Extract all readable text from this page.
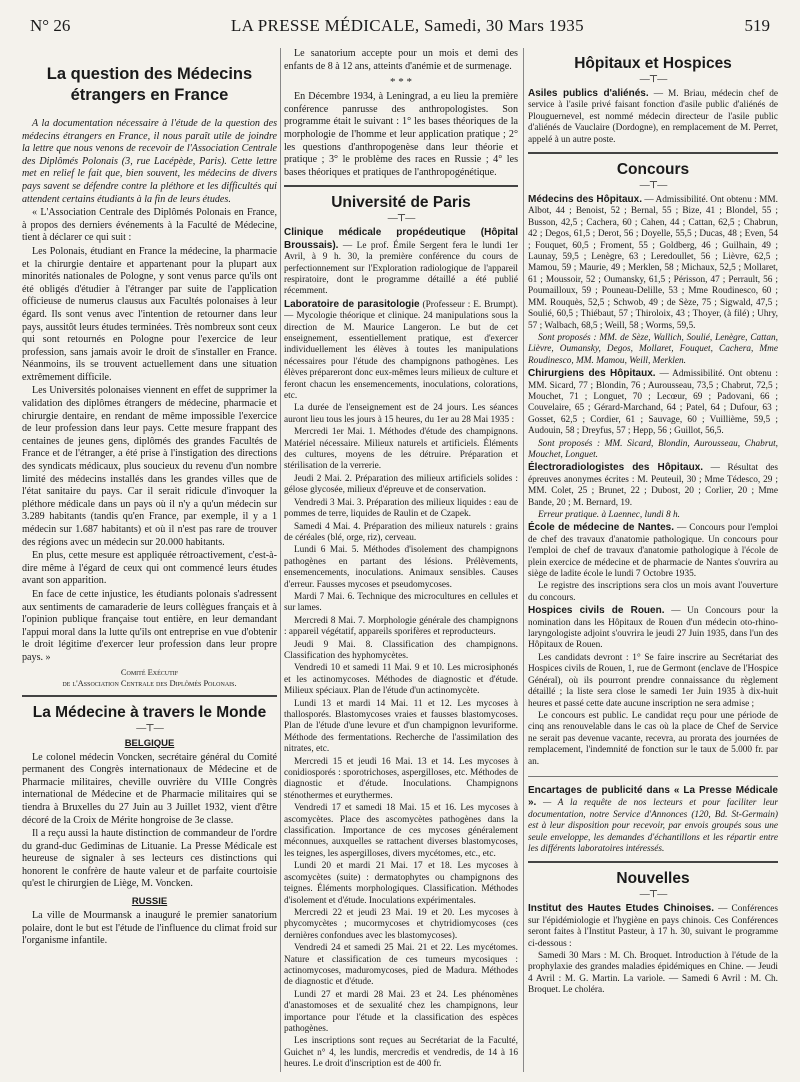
N° 26	LA PRESSE MÉDICALE, Samedi, 30 Mars 1935	519
La question des Médecins étrangers en France

A la documentation nécessaire à l'étude de la question des médecins étrangers en France, il nous paraît utile de joindre la lettre que nous venons de recevoir de l'Association Centrale des Diplômés Polonais (3, rue Lacépède, Paris). Cette lettre met en relief le fait que, bien souvent, les médecins de divers pays savent se défendre contre la pléthore et les difficultés qui attendent certains étudiants à la fin de leurs études.

« L'Association Centrale des Diplômés Polonais en France, à propos des derniers événements à la Faculté de Médecine, tient à déclarer ce qui suit :

Les Polonais, étudiant en France la médecine, la pharmacie et la chirurgie dentaire et appartenant pour la plupart aux minorités nationales de Pologne, y sont venus parce qu'ils ont été obligés d'étudier à l'étranger par suite de l'application officieuse de numerus clausus aux Facultés polonaises à leur égard. Ils sont venus avec l'intention de retourner dans leur pays, aussitôt leurs études terminées. Très nombreux sont ceux qui sont retournés en Pologne pour l'exercice de leur profession, sans jamais avoir le droit de s'installer en France. Néanmoins, ils se trouvent actuellement dans une situation extrêmement difficile.

Les Universités polonaises viennent en effet de supprimer la validation des diplômes étrangers de médecine, pharmacie et chirurgie dentaire, en rendant de même impossible l'exercice de leur profession dans leur pays. Cette mesure frappant des centaines de jeunes gens, diplômés des grandes Facultés de France et de l'étranger, a été prise à l'instigation des directions des syndicats médicaux, plus soucieux du revenu d'un nombre limité des médecins installés dans les grandes villes que de l'état sanitaire du pays. Car il serait ridicule d'invoquer la pléthore médicale dans un pays où il n'y a qu'un médecin sur 3.289 habitants (tandis qu'en France, par exemple, il y a 1 médecin sur 1.687 habitants) et où il n'est pas rare de trouver des régions avec un médecin sur 20.000 habitants.

En plus, cette mesure est appliquée rétroactivement, c'est-à-dire même à l'égard de ceux qui ont commencé leurs études avant son apparition.

En face de cette injustice, les étudiants polonais s'adressent aux sentiments de camaraderie de leurs collègues français et à l'opinion publique française tout entière, en leur demandant l'appui moral dans la lutte qu'ils ont entreprise en vue d'obtenir le droit légitime d'exercer leur profession dans leur propre pays. »

Comité Exécutif
de l'Association Centrale des Diplômés Polonais.
La Médecine à travers le Monde
—⊤—
BELGIQUE

Le colonel médecin Voncken, secrétaire général du Comité permanent des Congrès internationaux de Médecine et de Pharmacie militaires, cheville ouvrière du VIIIe Congrès international de Médecine et de Pharmacie militaires qui se tiendra à Bruxelles du 27 Juin au 3 Juillet 1932, vient d'être décoré de la Croix de Mérite hongroise de 3e classe.

Il a reçu aussi la haute distinction de commandeur de l'ordre du grand-duc Gediminas de Lituanie. La Presse Médicale est heureuse de signaler à ses lecteurs ces distinctions qui honorent le confrère de haute valeur et de parfaite courtoisie qu'est le chirurgien de Liège, M. Voncken.

RUSSIE

La ville de Mourmansk a inauguré le premier sanatorium polaire, dont le but est l'étude de l'influence du climat froid sur l'organisme infantile.

Le sanatorium accepte pour un mois et demi des enfants de 8 à 12 ans, atteints d'anémie et de surmenage.

* * *

En Décembre 1934, à Leningrad, a eu lieu la première conférence panrusse des anthropologistes. Son programme était le suivant : 1° les bases théoriques de la morphologie de l'homme et leur application pratique ; 2° les questions d'anthropogenèse dans leur théorie et pratique ; 3° le problème des races en Russie ; 4° les bases théoriques et pratiques de l'anthropogénétique.

Université de Paris
—⊤—

Clinique médicale propédeutique (Hôpital Broussais). — Le prof. Émile Sergent fera le lundi 1er Avril, à 9 h. 30, la première conférence du cours de perfectionnement sur l'Exploration radiologique de l'appareil respiratoire, dont le programme détaillé a été publié récemment.

Laboratoire de parasitologie (Professeur : E. Brumpt). — Mycologie théorique et clinique. 24 manipulations sous la direction de M. Maurice Langeron. Le but de cet enseignement, essentiellement pratique, est d'exercer individuellement les élèves à toutes les manipulations nécessaires pour l'étude des champignons pathogènes. Les élèves prépareront donc eux-mêmes leurs milieux de culture et feront chacun les ensemencements, inoculations, colorations, etc.

La durée de l'enseignement est de 24 jours. Les séances auront lieu tous les jours à 15 heures, du 1er au 28 Mai 1935 :

Mercredi 1er Mai. 1. Méthodes d'étude des champignons. Matériel nécessaire. Milieux naturels et artificiels. Éléments des cultures, moyens de les détruire. Préparation et stérilisation de la verrerie.

Jeudi 2 Mai. 2. Préparation des milieux artificiels solides : gélose glycosée, milieux d'épreuve et de conservation.

Vendredi 3 Mai. 3. Préparation des milieux liquides : eau de pommes de terre, liquides de Raulin et de Czapek.

Samedi 4 Mai. 4. Préparation des milieux naturels : grains de céréales (blé, orge, riz), cerveau.

Lundi 6 Mai. 5. Méthodes d'isolement des champignons pathogènes en partant des lésions. Prélèvements, ensemencements, inoculations. Animaux sensibles. Causes d'erreur. Fausses mycoses et pseudomycoses.

Mardi 7 Mai. 6. Technique des microcultures en cellules et sur lames.

Mercredi 8 Mai. 7. Morphologie générale des champignons : appareil végétatif, appareils sporifères et reproducteurs.

Jeudi 9 Mai. 8. Classification des champignons. Classification des hyphomycètes.

Vendredi 10 et samedi 11 Mai. 9 et 10. Les microsiphonés et les actinomycoses. Méthodes de diagnostic et d'étude. Milieux spéciaux. Plan de l'étude d'un actinomycète.

Lundi 13 et mardi 14 Mai. 11 et 12. Les mycoses à thallosporés. Blastomycoses vraies et fausses blastomycoses. Plan de l'étude d'une levure et d'un champignon levuriforme. Méthode des fermentations. Recherche de l'assimilation des nitrates, etc.

Mercredi 15 et jeudi 16 Mai. 13 et 14. Les mycoses à conidiosporés : sporotrichoses, aspergilloses, etc. Méthodes de diagnostic et d'étude. Inoculations. Champignons sténothermes et eurythermes.

Vendredi 17 et samedi 18 Mai. 15 et 16. Les mycoses à ascomycètes. Place des ascomycètes pathogènes dans la classification. Importance de ces mycoses généralement méconnues, auxquelles se rattachent diverses blastomycoses, les teignes, les aspergilloses, divers mycétomes, etc., etc.

Lundi 20 et mardi 21 Mai. 17 et 18. Les mycoses à ascomycètes (suite) : dermatophytes ou champignons des teignes. Éléments morphologiques. Classification. Méthodes d'isolement et d'étude. Inoculations expérimentales.

Mercredi 22 et jeudi 23 Mai. 19 et 20. Les mycoses à phycomycètes ; mucormycoses et chytridiomycoses (ces dernières confondues avec les blastomycoses).

Vendredi 24 et samedi 25 Mai. 21 et 22. Les mycétomes. Nature et classification de ces tumeurs mycosiques : actinomycoses, maduromycoses, pied de Madura. Méthodes de diagnostic et d'étude.

Lundi 27 et mardi 28 Mai. 23 et 24. Les phénomènes d'anastomoses et de sexualité chez les champignons, leur importance pour l'étude et la classification des espèces pathogènes.

Les inscriptions sont reçues au Secrétariat de la Faculté, Guichet n° 4, les lundis, mercredis et vendredis, de 14 à 16 heures. Le droit d'inscription est de 400 fr.

Hôpitaux et Hospices
—⊤—

Asiles publics d'aliénés. — M. Briau, médecin chef de service à l'asile privé faisant fonction d'asile public d'aliénés de Plouguernevel, est nommé médecin directeur de l'asile public d'aliénés de Vauclaire (Dordogne), en remplacement de M. Perret, appelé à un autre poste.

Concours
—⊤—

Médecins des Hôpitaux. — Admissibilité. Ont obtenu : MM. Albot, 44 ; Benoist, 52 ; Bernal, 55 ; Bize, 41 ; Blondel, 55 ; Busson, 42,5 ; Cachera, 60 ; Cahen, 44 ; Cattan, 62,5 ; Chabrun, 42 ; Degos, 61,5 ; Derot, 56 ; Doyelle, 55,5 ; Ducas, 48 ; Even, 54 ; Fouquet, 60,5 ; Froment, 55 ; Goldberg, 46 ; Guilhain, 49 ; Launay, 59,5 ; Lenègre, 63 ; Leredoullet, 56 ; Lièvre, 62,5 ; Mamou, 59 ; Maurie, 49 ; Merklen, 58 ; Michaux, 52,5 ; Mollaret, 61 ; Moussoir, 52 ; Oumansky, 61,5 ; Périsson, 47 ; Perrault, 56 ; Poumailloux, 59 ; Pouneau-Delille, 53 ; Mme Roudinesco, 60 ; MM. Rouquès, 52,5 ; Schwob, 49 ; de Sèze, 75 ; Sigwald, 47,5 ; Soulié, 60,5 ; Thiébaut, 57 ; Thiroloix, 43 ; Thoyer, (à filé) ; Uhry, 57 ; Walbach, 68,5 ; Weill, 58 ; Worms, 59,5.

Sont proposés : MM. de Sèze, Wallich, Soulié, Lenègre, Cattan, Lièvre, Oumansky, Degos, Mollaret, Fouquet, Cachera, Mme Roudinesco, MM. Mamou, Weill, Merklen.

Chirurgiens des Hôpitaux. — Admissibilité. Ont obtenu : MM. Sicard, 77 ; Blondin, 76 ; Aurousseau, 73,5 ; Chabrut, 72,5 ; Mouchet, 71 ; Longuet, 70 ; Lecœur, 69 ; Padovani, 66 ; Couvelaire, 65 ; Gérard-Marchand, 64 ; Patel, 64 ; Dufour, 63 ; Gosset, 62,5 ; Cordier, 61 ; Sauvage, 60 ; Vuillième, 59,5 ; Audouin, 58 ; Dreyfus, 57 ; Hepp, 56 ; Guillot, 56,5.

Sont proposés : MM. Sicard, Blondin, Aurousseau, Chabrut, Mouchet, Longuet.

Électroradiologistes des Hôpitaux. — Résultat des épreuves anonymes écrites : M. Peuteuil, 30 ; Mme Tédesco, 29 ; MM. Colet, 25 ; Brunet, 22 ; Dubost, 20 ; Corlier, 20 ; Mme Bande, 20 ; M. Bernard, 19.

Erreur pratique. à Laennec, lundi 8 h.

École de médecine de Nantes. — Concours pour l'emploi de chef des travaux d'anatomie pathologique. Un concours pour l'emploi de chef de travaux d'anatomie pathologique à l'école de plein exercice de médecine et de pharmacie de Nantes s'ouvrira au siège de ladite école le lundi 7 Octobre 1935.

Le registre des inscriptions sera clos un mois avant l'ouverture du concours.

Hospices civils de Rouen. — Un Concours pour la nomination dans les Hôpitaux de Rouen d'un médecin oto-rhino-laryngologiste adjoint s'ouvrira le jeudi 27 Juin 1935, dans l'un des Hôpitaux de Rouen.

Les candidats devront : 1° Se faire inscrire au Secrétariat des Hospices civils de Rouen, 1, rue de Germont (enclave de l'Hospice Général), où ils pourront prendre connaissance du règlement détaillé ; la liste sera close le samedi 1er Juin 1935 à dix-huit heures et passé cette date aucune inscription ne sera admise ;

Le concours est public. Le candidat reçu pour une période de cinq ans renouvelable dans le cas où la place de Chef de Service ne serait pas devenue vacante, recevra, au prorata des journées de remplacement, l'indemnité de fonction sur le taux de 5.000 fr. par an.

Encartages de publicité dans « La Presse Médicale ». — A la requête de nos lecteurs et pour faciliter leur documentation, notre Service d'Annonces (120, Bd. St-Germain) est à leur disposition pour recevoir, par envois groupés sous une seule enveloppe, les demandes d'échantillons et les répartir entre les différents laboratoires intéressés.

Nouvelles
—⊤—

Institut des Hautes Etudes Chinoises. — Conférences sur l'épidémiologie et l'hygiène en pays chinois. Ces Conférences seront faites à l'Institut Pasteur, à 17 h. 30, suivant le programme ci-dessous :

Samedi 30 Mars : M. Ch. Broquet. Introduction à l'étude de la prophylaxie des grandes maladies épidémiques en Chine. — Jeudi 4 Avril : M. G. Martin. La variole. — Samedi 6 Avril : M. Ch. Broquet. Le choléra.
